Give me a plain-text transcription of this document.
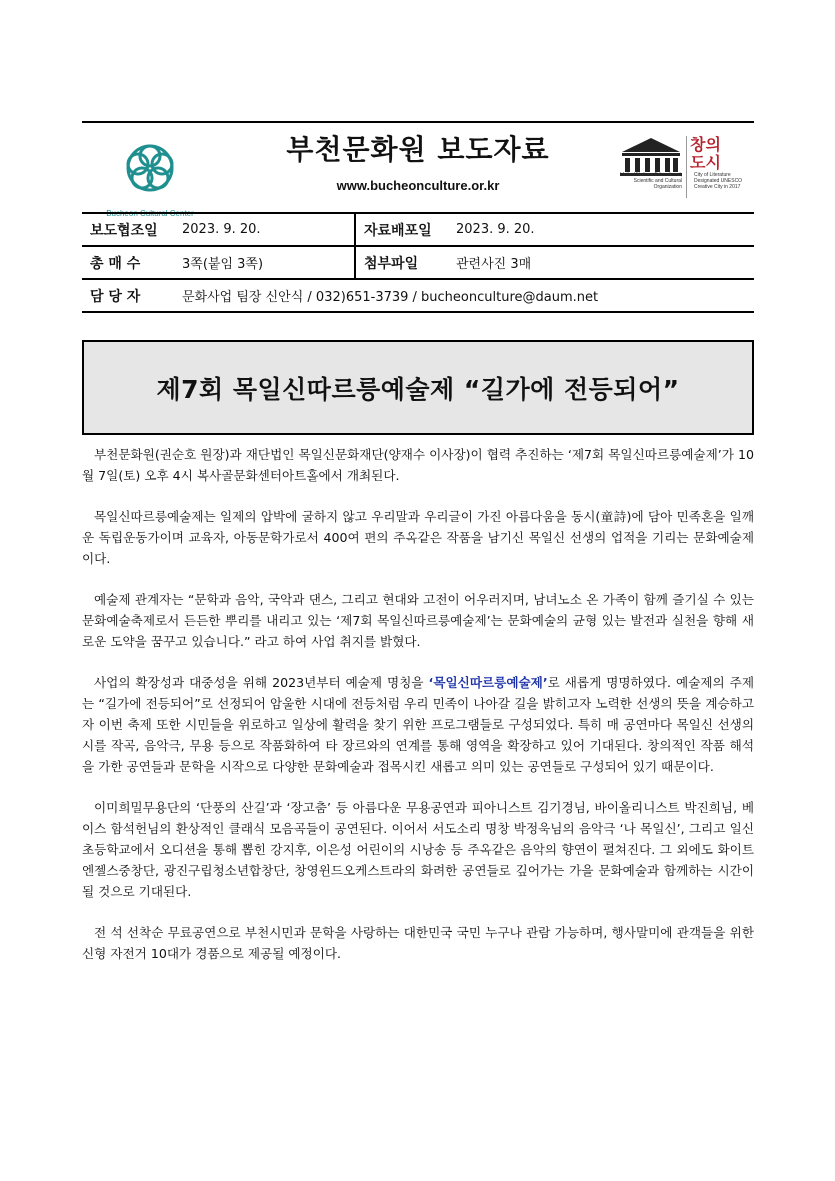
Bucheon Cultural Center
부천문화원 보도자료
www.bucheonculture.or.kr
United Nations Educational, Scientific and Cultural Organization
창의
도시
City of Literature Designated UNESCO Creative City in 2017
보도협조일	2023. 9. 20.	자료배포일	2023. 9. 20.
총 매 수	3쪽(붙임 3쪽)	첨부파일	관련사진 3매
담 당 자	문화사업 팀장 신안식 / 032)651-3739 / bucheonculture@daum.net		
제7회 목일신따르릉예술제 “길가에 전등되어”

부천문화원(권순호 원장)과 재단법인 목일신문화재단(양재수 이사장)이 협력 추진하는 ‘제7회 목일신따르릉예술제’가 10월 7일(토) 오후 4시 복사골문화센터아트홀에서 개최된다.

목일신따르릉예술제는 일제의 압박에 굴하지 않고 우리말과 우리글이 가진 아름다움을 동시(童詩)에 담아 민족혼을 일깨운 독립운동가이며 교육자, 아동문학가로서 400여 편의 주옥같은 작품을 남기신 목일신 선생의 업적을 기리는 문화예술제 이다.

예술제 관계자는 “문학과 음악, 국악과 댄스, 그리고 현대와 고전이 어우러지며, 남녀노소 온 가족이 함께 즐기실 수 있는 문화예술축제로서 든든한 뿌리를 내리고 있는 ‘제7회 목일신따르릉예술제’는 문화예술의 균형 있는 발전과 실천을 향해 새로운 도약을 꿈꾸고 있습니다.” 라고 하여 사업 취지를 밝혔다.

사업의 확장성과 대중성을 위해 2023년부터 예술제 명칭을 ‘목일신따르릉예술제’로 새롭게 명명하였다. 예술제의 주제는 “길가에 전등되어”로 선정되어 암울한 시대에 전등처럼 우리 민족이 나아갈 길을 밝히고자 노력한 선생의 뜻을 계승하고자 이번 축제 또한 시민들을 위로하고 일상에 활력을 찾기 위한 프로그램들로 구성되었다. 특히 매 공연마다 목일신 선생의 시를 작곡, 음악극, 무용 등으로 작품화하여 타 장르와의 연계를 통해 영역을 확장하고 있어 기대된다. 창의적인 작품 해석을 가한 공연들과 문학을 시작으로 다양한 문화예술과 접목시킨 새롭고 의미 있는 공연들로 구성되어 있기 때문이다.

이미희밀무용단의 ‘단풍의 산길’과 ‘장고춤’ 등 아름다운 무용공연과 피아니스트 김기경님, 바이올리니스트 박진희님, 베이스 함석헌님의 환상적인 클래식 모음곡들이 공연된다. 이어서 서도소리 명창 박정욱님의 음악극 ‘나 목일신’, 그리고 일신초등학교에서 오디션을 통해 뽑힌 강지후, 이은성 어린이의 시낭송 등 주옥같은 음악의 향연이 펼쳐진다. 그 외에도 화이트엔젤스중창단, 광진구립청소년합창단, 창영윈드오케스트라의 화려한 공연들로 깊어가는 가을 문화예술과 함께하는 시간이 될 것으로 기대된다.

전 석 선착순 무료공연으로 부천시민과 문학을 사랑하는 대한민국 국민 누구나 관람 가능하며, 행사말미에 관객들을 위한 신형 자전거 10대가 경품으로 제공될 예정이다.
